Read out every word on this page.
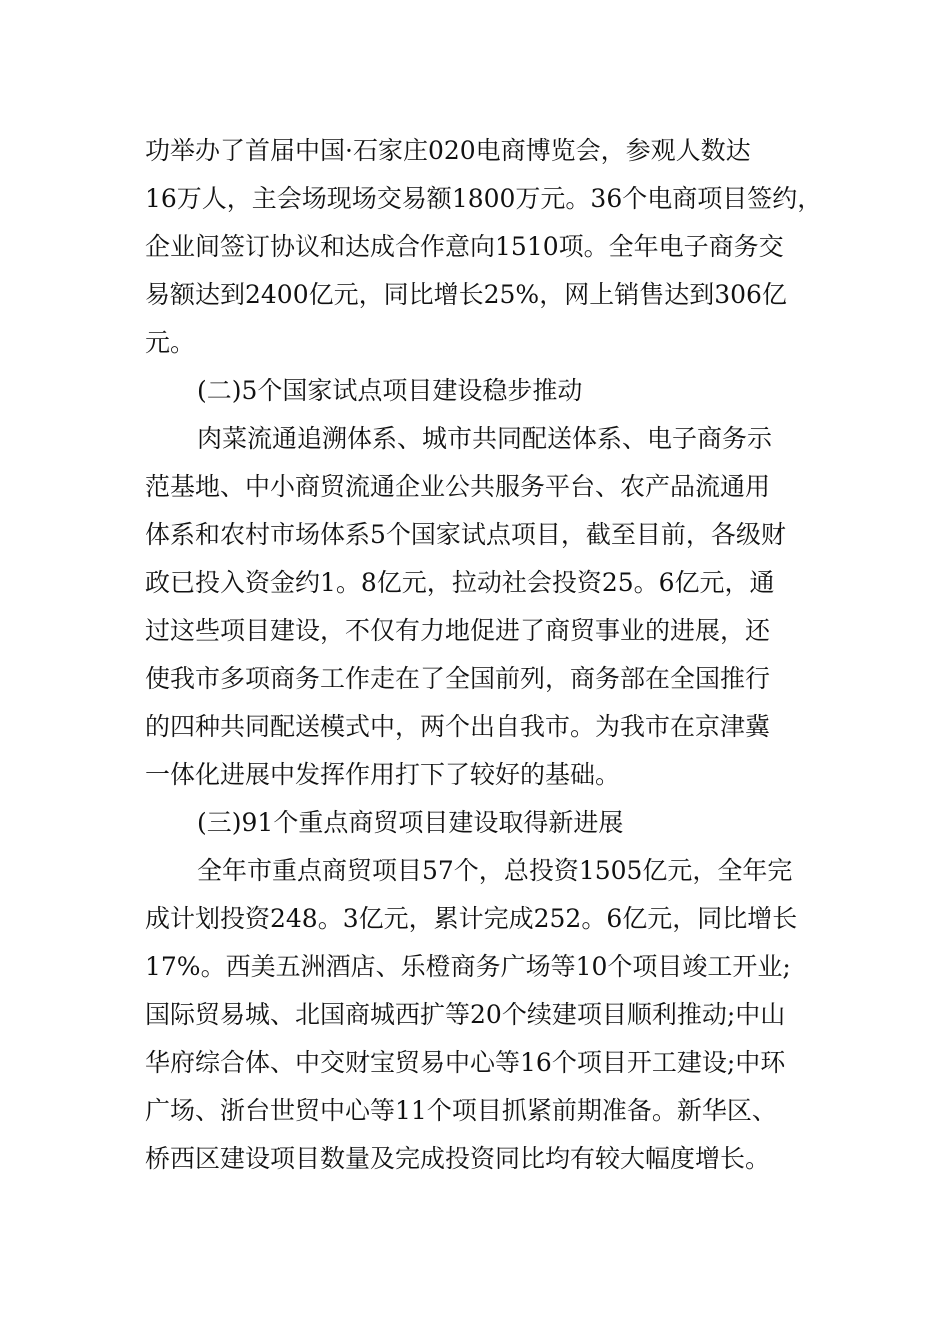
功举办了首届中国·石家庄020电商博览会，参观人数达
16万人，主会场现场交易额1800万元。36个电商项目签约，
企业间签订协议和达成合作意向1510项。全年电子商务交
易额达到2400亿元，同比增长25%，网上销售达到306亿
元。
(二)5个国家试点项目建设稳步推动
肉菜流通追溯体系、城市共同配送体系、电子商务示
范基地、中小商贸流通企业公共服务平台、农产品流通用
体系和农村市场体系5个国家试点项目，截至目前，各级财
政已投入资金约1。8亿元，拉动社会投资25。6亿元，通
过这些项目建设，不仅有力地促进了商贸事业的进展，还
使我市多项商务工作走在了全国前列，商务部在全国推行
的四种共同配送模式中，两个出自我市。为我市在京津冀
一体化进展中发挥作用打下了较好的基础。
(三)91个重点商贸项目建设取得新进展
全年市重点商贸项目57个，总投资1505亿元，全年完
成计划投资248。3亿元，累计完成252。6亿元，同比增长
17%。西美五洲酒店、乐橙商务广场等10个项目竣工开业;
国际贸易城、北国商城西扩等20个续建项目顺利推动;中山
华府综合体、中交财宝贸易中心等16个项目开工建设;中环
广场、浙台世贸中心等11个项目抓紧前期准备。新华区、
桥西区建设项目数量及完成投资同比均有较大幅度增长。
